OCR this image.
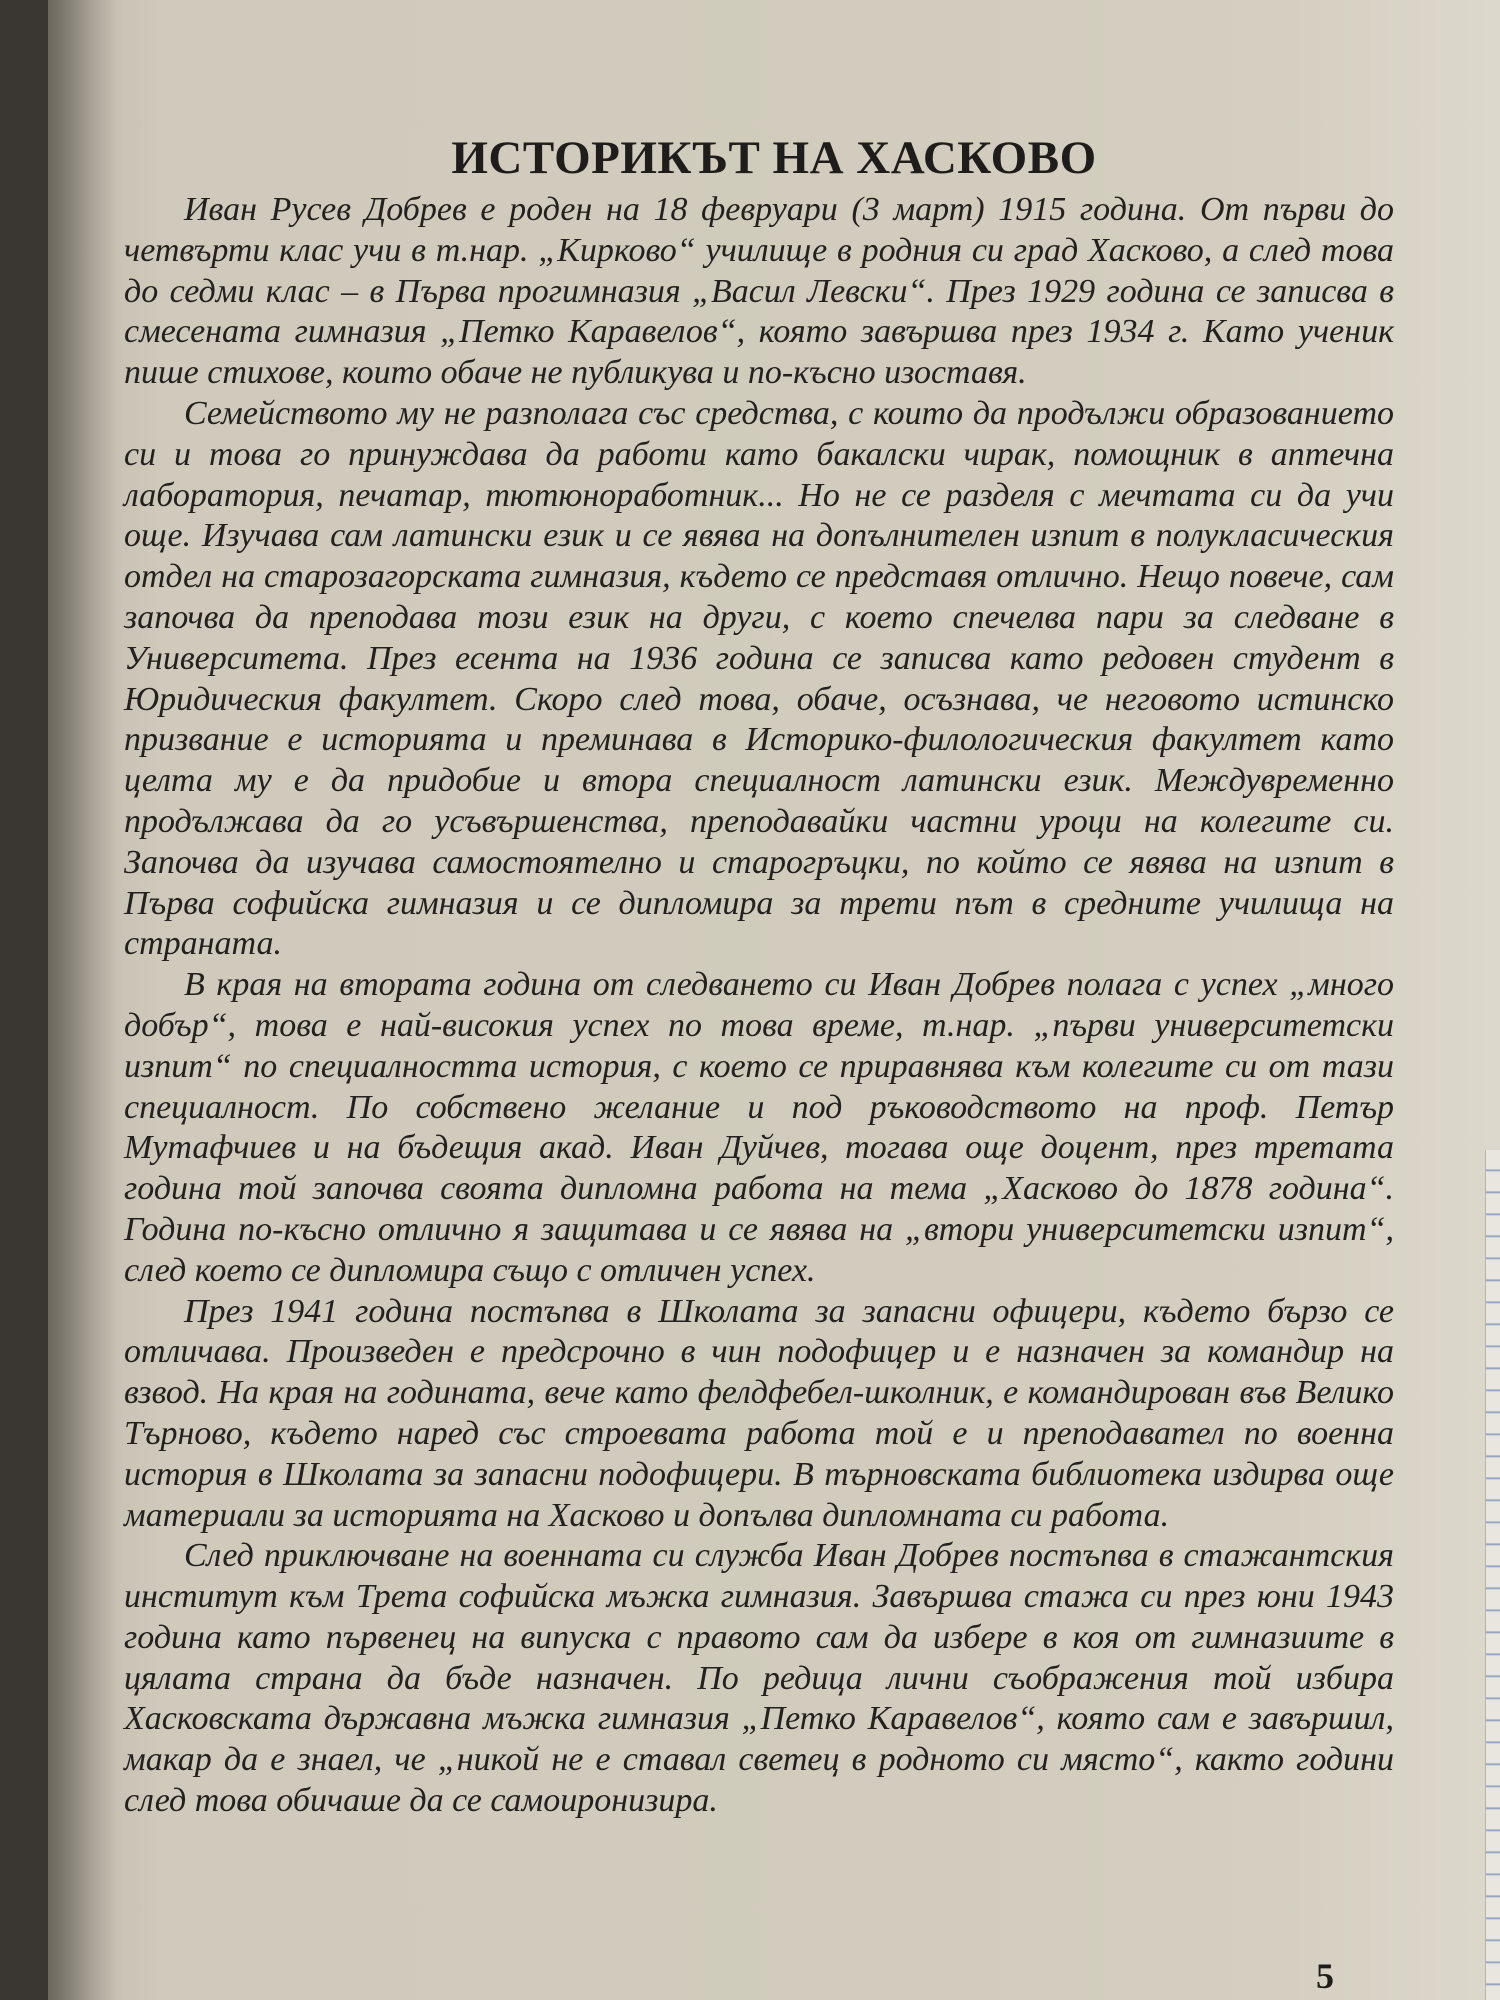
ИСТОРИКЪТ НА ХАСКОВО

Иван Русев Добрев е роден на 18 февруари (3 март) 1915 година. От първи до четвърти клас учи в т.нар. „Кирково“ училище в родния си град Хасково, а след това до седми клас – в Първа прогимназия „Васил Левски“. През 1929 година се записва в смесената гимназия „Петко Каравелов“, която завършва през 1934 г. Като ученик пише стихове, които обаче не публикува и по-късно изоставя.

Семейството му не разполага със средства, с които да продължи образованието си и това го принуждава да работи като бакалски чирак, помощник в аптечна лаборатория, печатар, тютюноработник... Но не се разделя с мечтата си да учи още. Изучава сам латински език и се явява на допълнителен изпит в полукласическия отдел на старозагорската гимназия, където се представя отлично. Нещо повече, сам започва да преподава този език на други, с което спечелва пари за следване в Университета. През есента на 1936 година се записва като редовен студент в Юридическия факултет. Скоро след това, обаче, осъзнава, че неговото истинско призвание е историята и преминава в Историко-филологическия факултет като целта му е да придобие и втора специалност латински език. Междувременно продължава да го усъвършенства, преподавайки частни уроци на колегите си. Започва да изучава самостоятелно и старогръцки, по който се явява на изпит в Първа софийска гимназия и се дипломира за трети път в средните училища на страната.

В края на втората година от следването си Иван Добрев полага с успех „много добър“, това е най-високия успех по това време, т.нар. „първи университетски изпит“ по специалността история, с което се приравнява към колегите си от тази специалност. По собствено желание и под ръководството на проф. Петър Мутафчиев и на бъдещия акад. Иван Дуйчев, тогава още доцент, през третата година той започва своята дипломна работа на тема „Хасково до 1878 година“. Година по-късно отлично я защитава и се явява на „втори университетски изпит“, след което се дипломира също с отличен успех.

През 1941 година постъпва в Школата за запасни офицери, където бързо се отличава. Произведен е предсрочно в чин подофицер и е назначен за командир на взвод. На края на годината, вече като фелдфебел-школник, е командирован във Велико Търново, където наред със строевата работа той е и преподавател по военна история в Школата за запасни подофицери. В търновската библиотека издирва още материали за историята на Хасково и допълва дипломната си работа.

След приключване на военната си служба Иван Добрев постъпва в стажантския институт към Трета софийска мъжка гимназия. Завършва стажа си през юни 1943 година като първенец на випуска с правото сам да избере в коя от гимназиите в цялата страна да бъде назначен. По редица лични съображения той избира Хасковската държавна мъжка гимназия „Петко Каравелов“, която сам е завършил, макар да е знаел, че „никой не е ставал светец в родното си място“, както години след това обичаше да се самоиронизира.

5
